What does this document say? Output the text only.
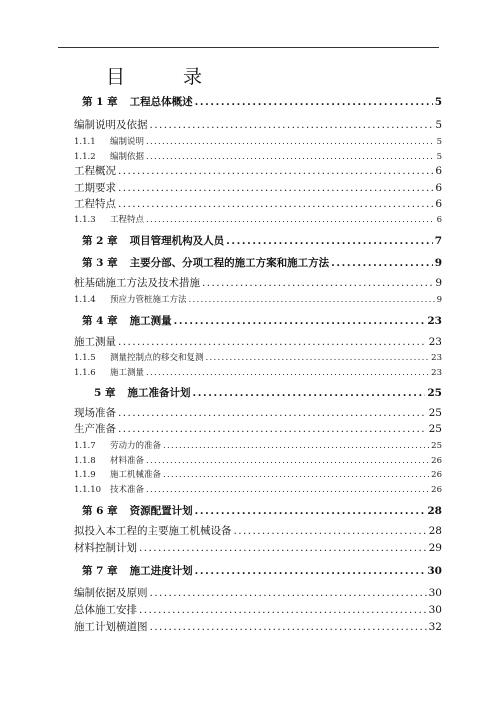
目 录
第 1 章 工程总体概述 .....	5
编制说明及依据 .....	5
1.1.1	编制说明 .....	5
1.1.2	编制依据 .....	5
工程概况 .....	6
工期要求 .....	6
工程特点 .....	6
1.1.3	工程特点 .....	6
第 2 章 项目管理机构及人员 .....	7
第 3 章 主要分部、分项工程的施工方案和施工方法 .....	9
桩基础施工方法及技术措施 .....	9
1.1.4	预应力管桩施工方法 .....	9
第 4 章 施工测量 .....	23
施工测量 .....	23
1.1.5	测量控制点的移交和复测 .....	23
1.1.6	施工测量 .....	23
5 章 施工准备计划 .....	25
现场准备 .....	25
生产准备 .....	25
1.1.7	劳动力的准备 .....	25
1.1.8	材料准备 .....	26
1.1.9	施工机械准备 .....	26
1.1.10	技术准备 .....	26
第 6 章 资源配置计划 .....	28
拟投入本工程的主要施工机械设备 .....	28
材料控制计划 .....	29
第 7 章 施工进度计划 .....	30
编制依据及原则 .....	30
总体施工安排 .....	30
施工计划横道图 .....	32
